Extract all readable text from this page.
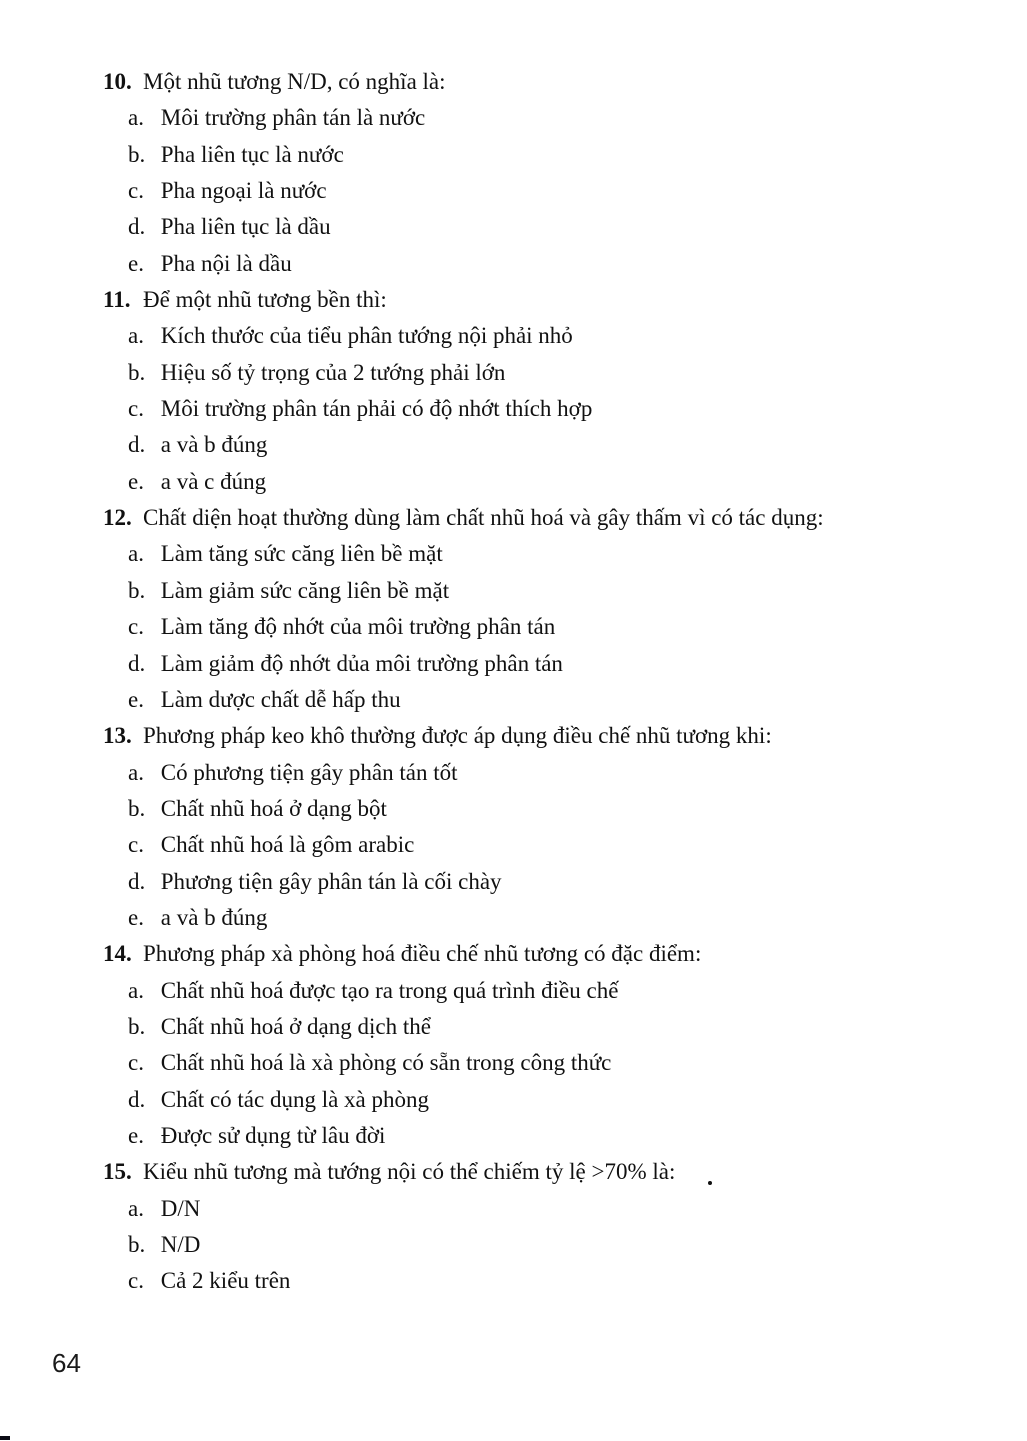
10. Một nhũ tương N/D, có nghĩa là:
a. Môi trường phân tán là nước
b. Pha liên tục là nước
c. Pha ngoại là nước
d. Pha liên tục là dầu
e. Pha nội là dầu
11. Để một nhũ tương bền thì:
a. Kích thước của tiểu phân tướng nội phải nhỏ
b. Hiệu số tỷ trọng của 2 tướng phải lớn
c. Môi trường phân tán phải có độ nhớt thích hợp
d. a và b đúng
e. a và c đúng
12. Chất diện hoạt thường dùng làm chất nhũ hoá và gây thấm vì có tác dụng:
a. Làm tăng sức căng liên bề mặt
b. Làm giảm sức căng liên bề mặt
c. Làm tăng độ nhớt của môi trường phân tán
d. Làm giảm độ nhớt dủa môi trường phân tán
e. Làm dược chất dễ hấp thu
13. Phương pháp keo khô thường được áp dụng điều chế nhũ tương khi:
a. Có phương tiện gây phân tán tốt
b. Chất nhũ hoá ở dạng bột
c. Chất nhũ hoá là gôm arabic
d. Phương tiện gây phân tán là cối chày
e. a và b đúng
14. Phương pháp xà phòng hoá điều chế nhũ tương có đặc điểm:
a. Chất nhũ hoá được tạo ra trong quá trình điều chế
b. Chất nhũ hoá ở dạng dịch thể
c. Chất nhũ hoá là xà phòng có sẵn trong công thức
d. Chất có tác dụng là xà phòng
e. Được sử dụng từ lâu đời
15. Kiểu nhũ tương mà tướng nội có thể chiếm tỷ lệ >70% là:
a. D/N
b. N/D
c. Cả 2 kiểu trên
64
